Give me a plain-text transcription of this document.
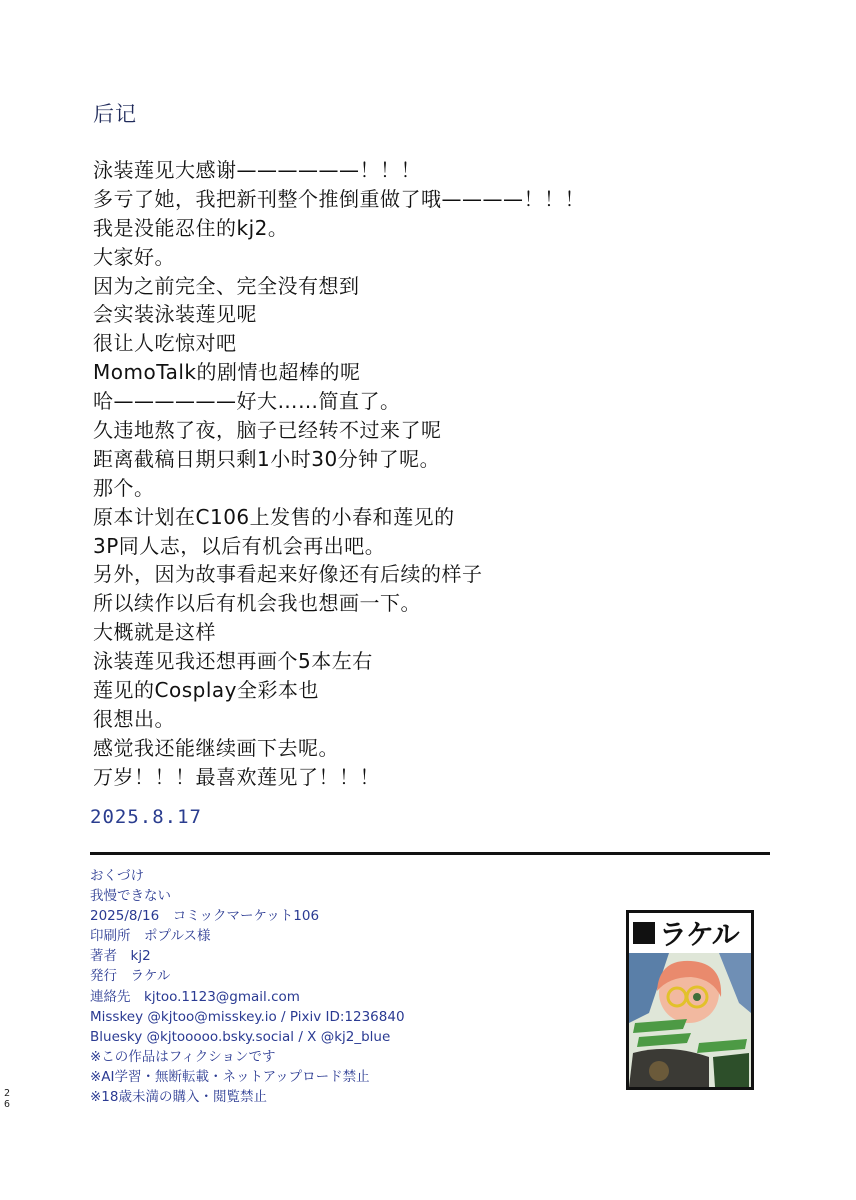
后记
泳装莲见大感谢——————！！！
多亏了她，我把新刊整个推倒重做了哦————！！！
我是没能忍住的kj2。
大家好。
因为之前完全、完全没有想到
会实装泳装莲见呢
很让人吃惊对吧
MomoTalk的剧情也超棒的呢
哈——————好大……简直了。
久违地熬了夜，脑子已经转不过来了呢
距离截稿日期只剩1小时30分钟了呢。
那个。
原本计划在C106上发售的小春和莲见的
3P同人志，以后有机会再出吧。
另外，因为故事看起来好像还有后续的样子
所以续作以后有机会我也想画一下。
大概就是这样
泳装莲见我还想再画个5本左右
莲见的Cosplay全彩本也
很想出。
感觉我还能继续画下去呢。
万岁！！！最喜欢莲见了！！！
2025.8.17
おくづけ
我慢できない
2025/8/16　コミックマーケット106
印刷所　ポプルス様
著者　kj2
発行　ラケル
連絡先　kjtoo.1123@gmail.com
Misskey @kjtoo@misskey.io / Pixiv ID:1236840
Bluesky @kjtooooo.bsky.social / X @kj2_blue
※この作品はフィクションです
※AI学習・無断転載・ネットアップロード禁止
※18歳未満の購入・閲覧禁止
ラケル
26
